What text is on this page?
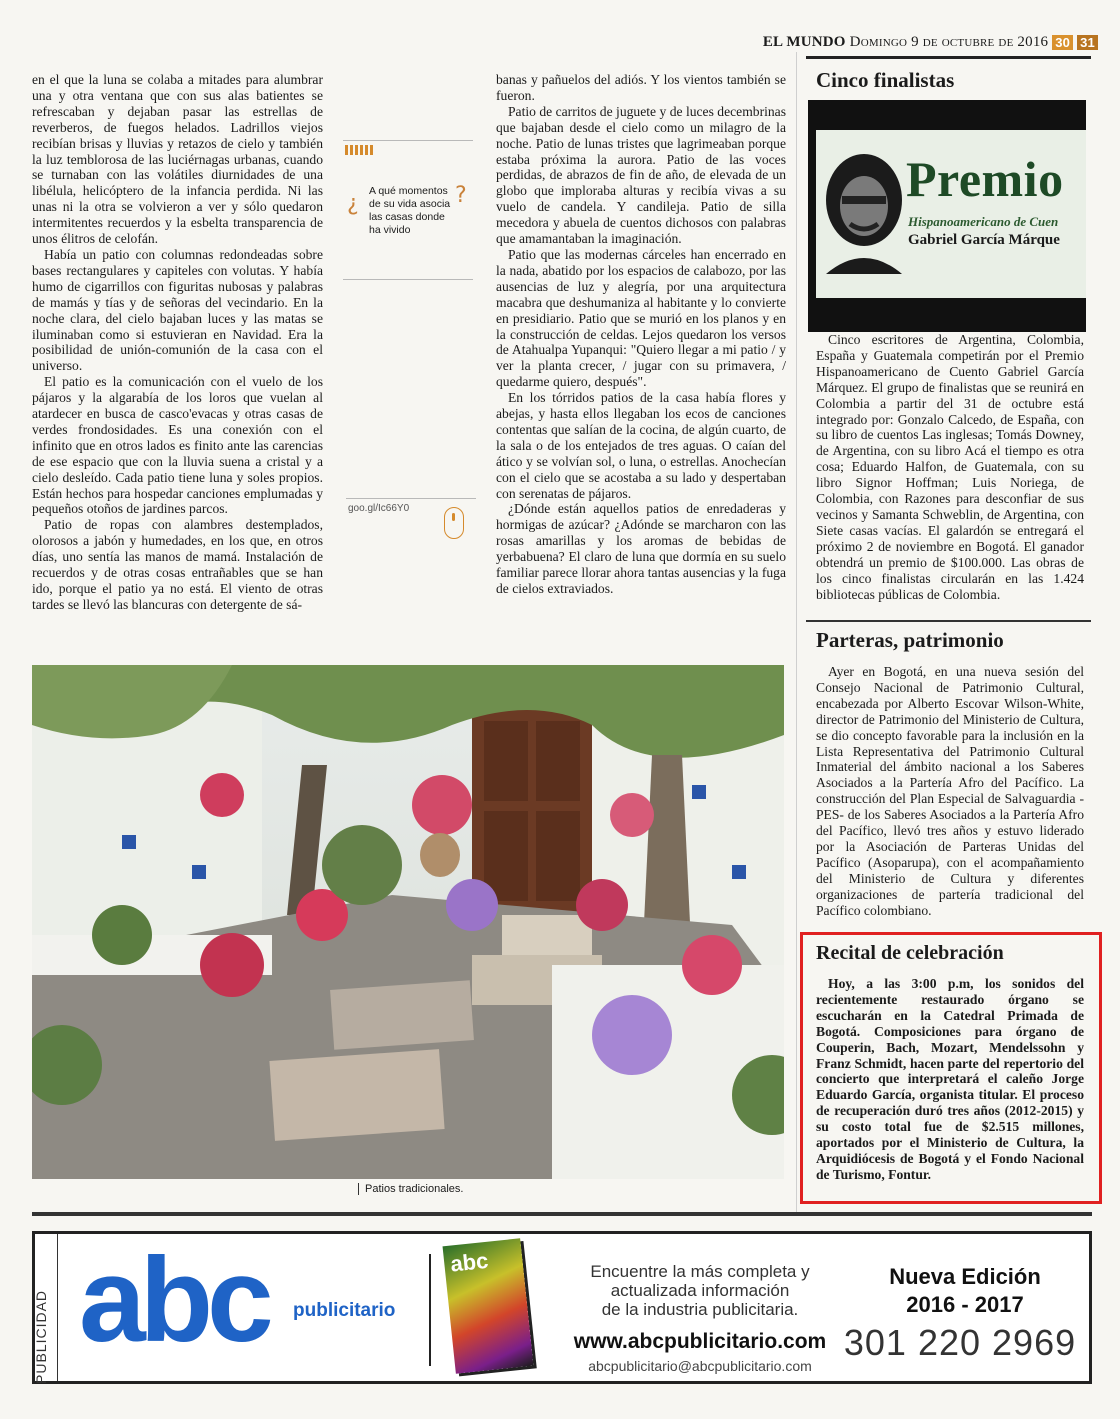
EL MUNDO Domingo 9 de octubre de 2016 30 31

en el que la luna se colaba a mitades para alumbrar una y otra ventana que con sus alas batientes se refrescaban y dejaban pasar las estrellas de reverberos, de fuegos helados. Ladrillos viejos recibían brisas y lluvias y retazos de cielo y también la luz temblorosa de las luciérnagas urbanas, cuando se turnaban con las volátiles diurnidades de una libélula, helicóptero de la infancia perdida. Ni las unas ni la otra se volvieron a ver y sólo quedaron intermitentes recuerdos y la esbelta transparencia de unos élitros de celofán.

Había un patio con columnas redondeadas sobre bases rectangulares y capiteles con volutas. Y había humo de cigarrillos con figuritas nubosas y palabras de mamás y tías y de señoras del vecindario. En la noche clara, del cielo bajaban luces y las matas se iluminaban como si estuvieran en Navidad. Era la posibilidad de unión-comunión de la casa con el universo.

El patio es la comunicación con el vuelo de los pájaros y la algarabía de los loros que vuelan al atardecer en busca de casco'evacas y otras casas de verdes frondosidades. Es una conexión con el infinito que en otros lados es finito ante las carencias de ese espacio que con la lluvia suena a cristal y a cielo desleído. Cada patio tiene luna y soles propios. Están hechos para hospedar canciones emplumadas y pequeños otoños de jardines parcos.

Patio de ropas con alambres destemplados, olorosos a jabón y humedades, en los que, en otros días, uno sentía las manos de mamá. Instalación de recuerdos y de otras cosas entrañables que se han ido, porque el patio ya no está. El viento de otras tardes se llevó las blancuras con detergente de sá-

¿ A qué momentos de su vida asocia las casas donde ha vivido
?
goo.gl/Ic66Y0

banas y pañuelos del adiós. Y los vientos también se fueron.

Patio de carritos de juguete y de luces decembrinas que bajaban desde el cielo como un milagro de la noche. Patio de lunas tristes que lagrimeaban porque estaba próxima la aurora. Patio de las voces perdidas, de abrazos de fin de año, de elevada de un globo que imploraba alturas y recibía vivas a su vuelo de candela. Y candileja. Patio de silla mecedora y abuela de cuentos dichosos con palabras que amamantaban la imaginación.

Patio que las modernas cárceles han encerrado en la nada, abatido por los espacios de calabozo, por las ausencias de luz y alegría, por una arquitectura macabra que deshumaniza al habitante y lo convierte en presidiario. Patio que se murió en los planos y en la construcción de celdas. Lejos quedaron los versos de Atahualpa Yupanqui: "Quiero llegar a mi patio / y ver la planta crecer, / jugar con su primavera, / quedarme quiero, después".

En los tórridos patios de la casa había flores y abejas, y hasta ellos llegaban los ecos de canciones contentas que salían de la cocina, de algún cuarto, de la sala o de los entejados de tres aguas. O caían del ático y se volvían sol, o luna, o estrellas. Anochecían con el cielo que se acostaba a su lado y despertaban con serenatas de pájaros.

¿Dónde están aquellos patios de enredaderas y hormigas de azúcar? ¿Adónde se marcharon con las rosas amarillas y los aromas de bebidas de yerbabuena? El claro de luna que dormía en su suelo familiar parece llorar ahora tantas ausencias y la fuga de cielos extraviados.

Cinco finalistas
Premio
Hispanoamericano de Cuen
Gabriel García Márque

Cinco escritores de Argentina, Colombia, España y Guatemala competirán por el Premio Hispanoamericano de Cuento Gabriel García Márquez. El grupo de finalistas que se reunirá en Colombia a partir del 31 de octubre está integrado por: Gonzalo Calcedo, de España, con su libro de cuentos Las inglesas; Tomás Downey, de Argentina, con su libro Acá el tiempo es otra cosa; Eduardo Halfon, de Guatemala, con su libro Signor Hoffman; Luis Noriega, de Colombia, con Razones para desconfiar de sus vecinos y Samanta Schweblin, de Argentina, con Siete casas vacías. El galardón se entregará el próximo 2 de noviembre en Bogotá. El ganador obtendrá un premio de $100.000. Las obras de los cinco finalistas circularán en las 1.424 bibliotecas públicas de Colombia.

Parteras, patrimonio

Ayer en Bogotá, en una nueva sesión del Consejo Nacional de Patrimonio Cultural, encabezada por Alberto Escovar Wilson-White, director de Patrimonio del Ministerio de Cultura, se dio concepto favorable para la inclusión en la Lista Representativa del Patrimonio Cultural Inmaterial del ámbito nacional a los Saberes Asociados a la Partería Afro del Pacífico. La construcción del Plan Especial de Salvaguardia -PES- de los Saberes Asociados a la Partería Afro del Pacífico, llevó tres años y estuvo liderado por la Asociación de Parteras Unidas del Pacífico (Asoparupa), con el acompañamiento del Ministerio de Cultura y diferentes organizaciones de partería tradicional del Pacífico colombiano.

Recital de celebración

Hoy, a las 3:00 p.m, los sonidos del recientemente restaurado órgano se escucharán en la Catedral Primada de Bogotá. Composiciones para órgano de Couperin, Bach, Mozart, Mendelssohn y Franz Schmidt, hacen parte del repertorio del concierto que interpretará el caleño Jorge Eduardo García, organista titular. El proceso de recuperación duró tres años (2012-2015) y su costo total fue de $2.515 millones, aportados por el Ministerio de Cultura, la Arquidiócesis de Bogotá y el Fondo Nacional de Turismo, Fontur.

Patios tradicionales.
PUBLICIDAD abc publicitario
abc	Encuentre la más completa y
actualizada información
de la industria publicitaria.
www.abcpublicitario.com
abcpublicitario@abcpublicitario.com
Nueva Edición
2016 - 2017
301 220 2969
